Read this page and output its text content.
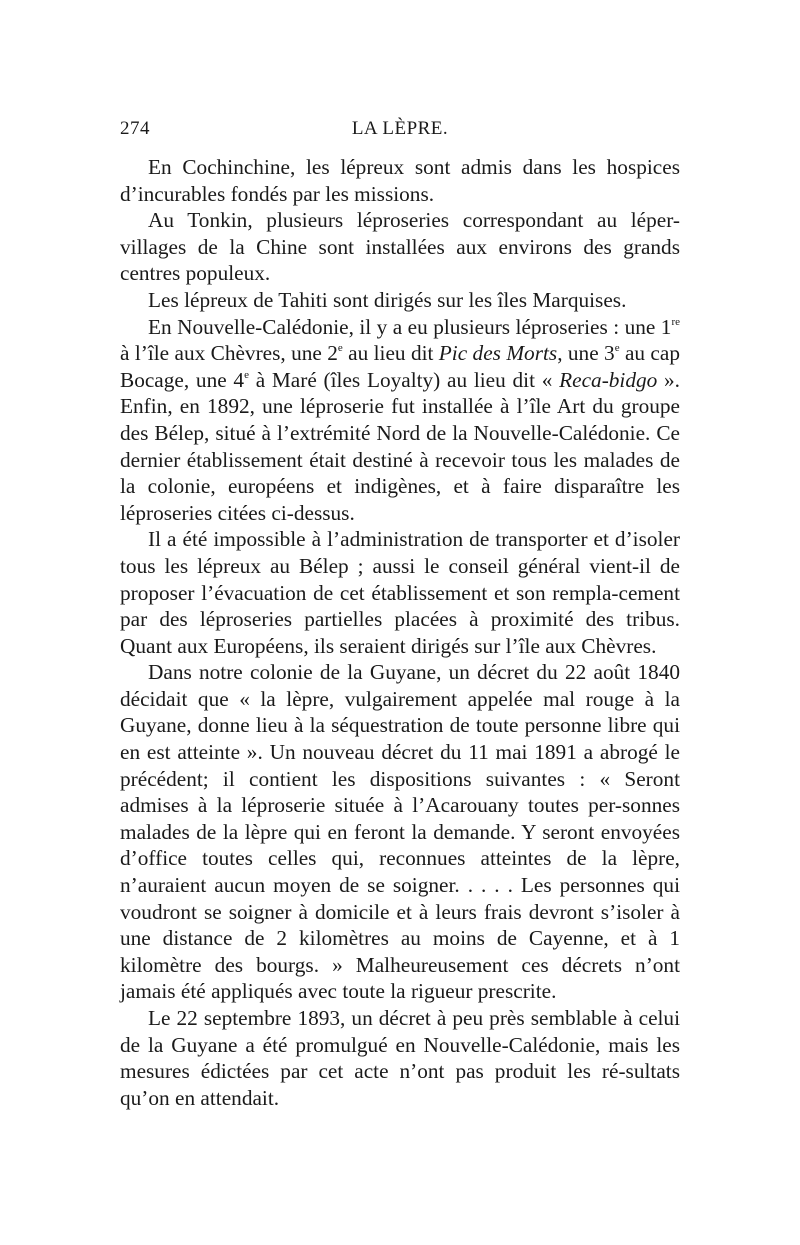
274	LA LÈPRE.

En Cochinchine, les lépreux sont admis dans les hospices d’incurables fondés par les missions.

Au Tonkin, plusieurs léproseries correspondant au léper-villages de la Chine sont installées aux environs des grands centres populeux.

Les lépreux de Tahiti sont dirigés sur les îles Marquises.

En Nouvelle-Calédonie, il y a eu plusieurs léproseries : une 1re à l’île aux Chèvres, une 2e au lieu dit Pic des Morts, une 3e au cap Bocage, une 4e à Maré (îles Loyalty) au lieu dit « Reca-bidgo ». Enfin, en 1892, une léproserie fut installée à l’île Art du groupe des Bélep, situé à l’extrémité Nord de la Nouvelle-Calédonie. Ce dernier établissement était destiné à recevoir tous les malades de la colonie, européens et indigènes, et à faire disparaître les léproseries citées ci-dessus.

Il a été impossible à l’administration de transporter et d’isoler tous les lépreux au Bélep ; aussi le conseil général vient-il de proposer l’évacuation de cet établissement et son rempla-cement par des léproseries partielles placées à proximité des tribus. Quant aux Européens, ils seraient dirigés sur l’île aux Chèvres.

Dans notre colonie de la Guyane, un décret du 22 août 1840 décidait que « la lèpre, vulgairement appelée mal rouge à la Guyane, donne lieu à la séquestration de toute personne libre qui en est atteinte ». Un nouveau décret du 11 mai 1891 a abrogé le précédent; il contient les dispositions suivantes : « Seront admises à la léproserie située à l’Acarouany toutes per-sonnes malades de la lèpre qui en feront la demande. Y seront envoyées d’office toutes celles qui, reconnues atteintes de la lèpre, n’auraient aucun moyen de se soigner. . . . . Les personnes qui voudront se soigner à domicile et à leurs frais devront s’isoler à une distance de 2 kilomètres au moins de Cayenne, et à 1 kilomètre des bourgs. » Malheureusement ces décrets n’ont jamais été appliqués avec toute la rigueur prescrite.

Le 22 septembre 1893, un décret à peu près semblable à celui de la Guyane a été promulgué en Nouvelle-Calédonie, mais les mesures édictées par cet acte n’ont pas produit les ré-sultats qu’on en attendait.
